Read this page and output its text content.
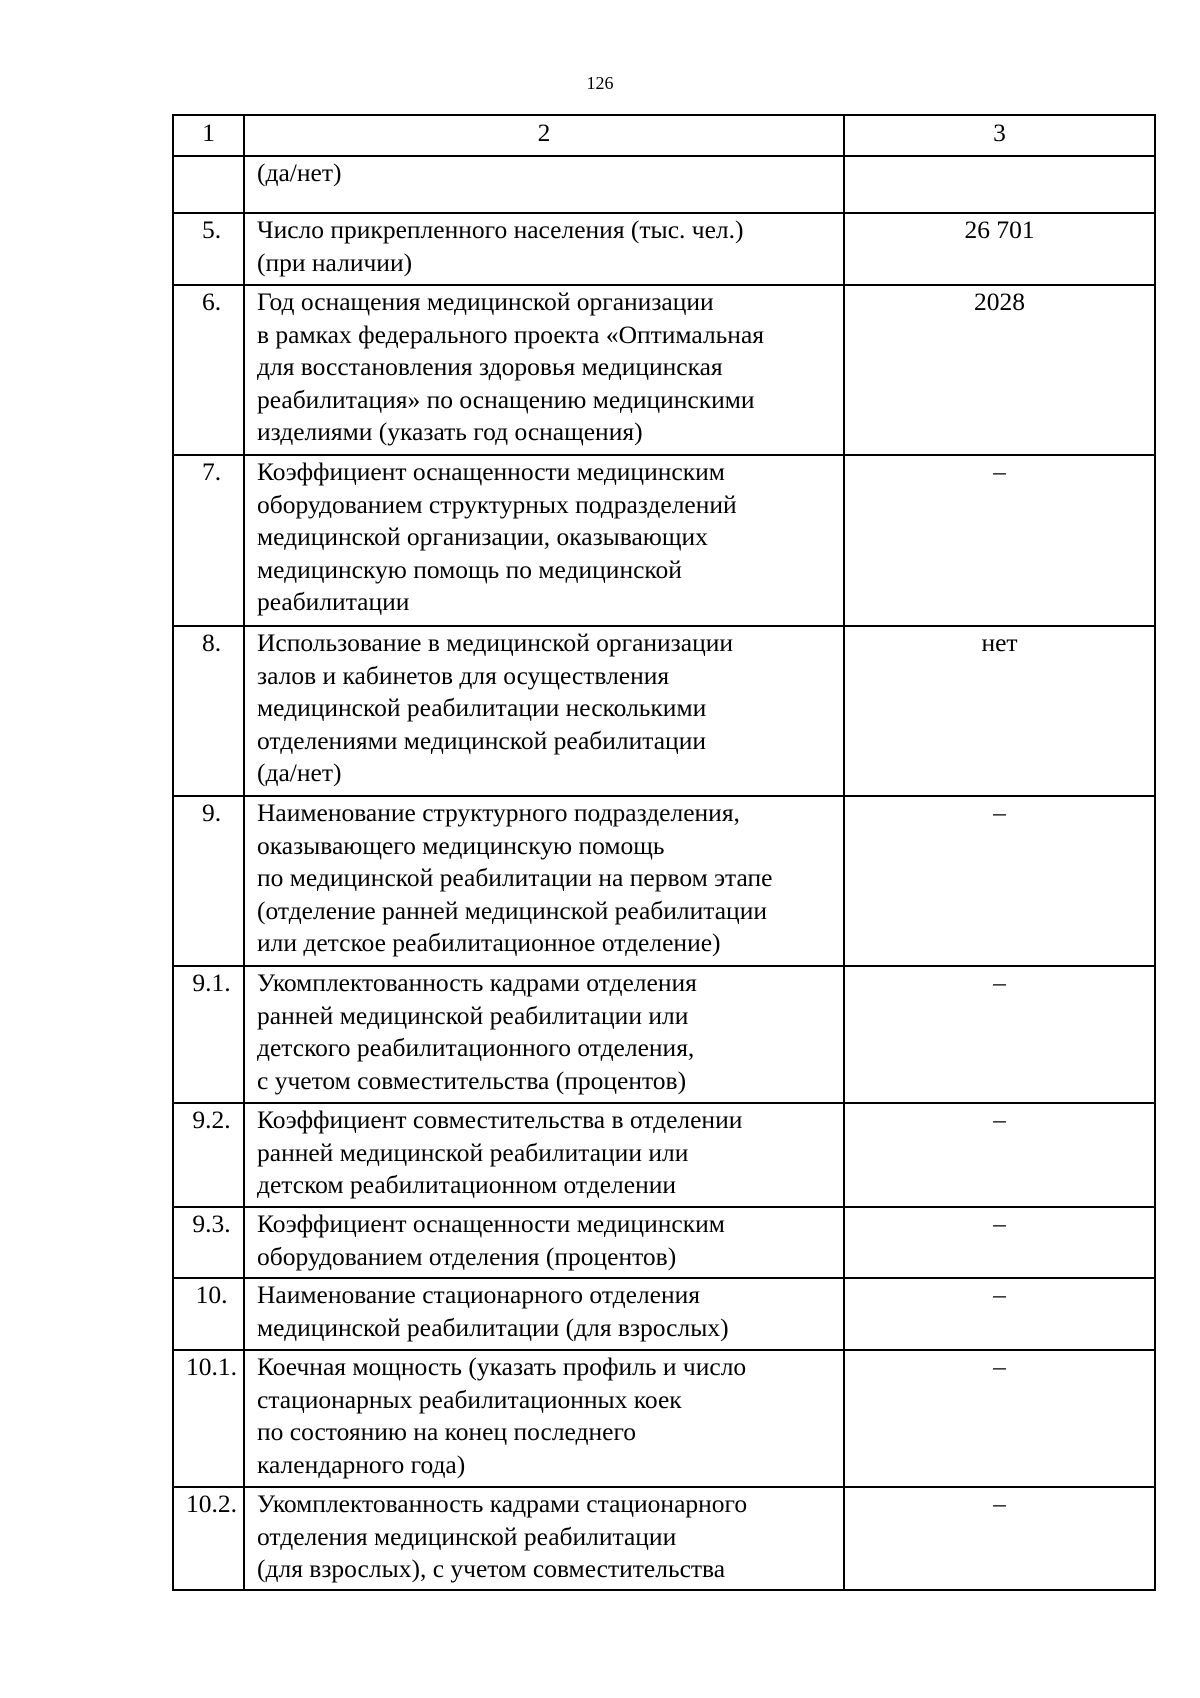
126
1	2	3

	(да/нет)	

5.	Число прикрепленного населения (тыс. чел.)
(при наличии)	26 701

6.	Год оснащения медицинской организации
в рамках федерального проекта «Оптимальная
для восстановления здоровья медицинская
реабилитация» по оснащению медицинскими
изделиями (указать год оснащения)	2028

7.	Коэффициент оснащенности медицинским
оборудованием структурных подразделений
медицинской организации, оказывающих
медицинскую помощь по медицинской
реабилитации	–

8.	Использование в медицинской организации
залов и кабинетов для осуществления
медицинской реабилитации несколькими
отделениями медицинской реабилитации
(да/нет)	нет

9.	Наименование структурного подразделения,
оказывающего медицинскую помощь
по медицинской реабилитации на первом этапе
(отделение ранней медицинской реабилитации
или детское реабилитационное отделение)	–

9.1.	Укомплектованность кадрами отделения
ранней медицинской реабилитации или
детского реабилитационного отделения,
с учетом совместительства (процентов)	–

9.2.	Коэффициент совместительства в отделении
ранней медицинской реабилитации или
детском реабилитационном отделении	–

9.3.	Коэффициент оснащенности медицинским
оборудованием отделения (процентов)	–

10.	Наименование стационарного отделения
медицинской реабилитации (для взрослых)	–

10.1.	Коечная мощность (указать профиль и число
стационарных реабилитационных коек
по состоянию на конец последнего
календарного года)	–

10.2.	Укомплектованность кадрами стационарного
отделения медицинской реабилитации
(для взрослых), с учетом совместительства	–
